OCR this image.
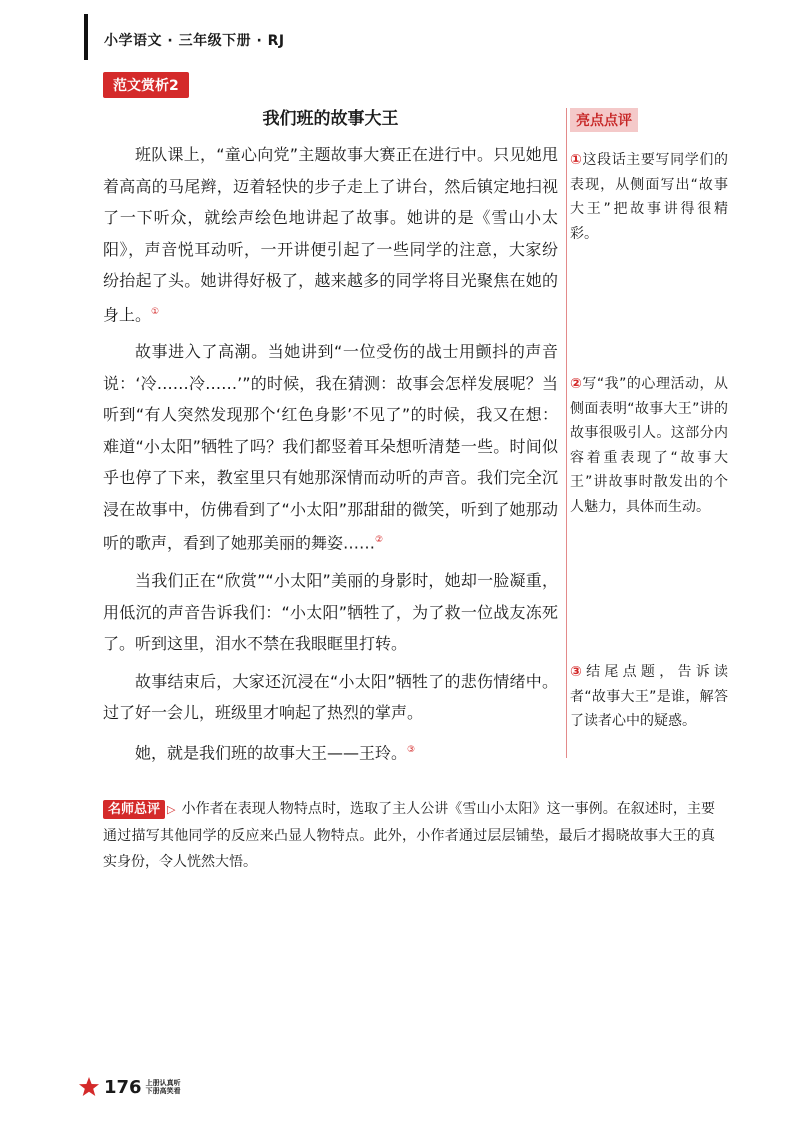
小学语文 · 三年级下册 · RJ
范文赏析2
我们班的故事大王

班队课上，“童心向党”主题故事大赛正在进行中。只见她甩着高高的马尾辫，迈着轻快的步子走上了讲台，然后镇定地扫视了一下听众，就绘声绘色地讲起了故事。她讲的是《雪山小太阳》，声音悦耳动听，一开讲便引起了一些同学的注意，大家纷纷抬起了头。她讲得好极了，越来越多的同学将目光聚焦在她的身上。①

故事进入了高潮。当她讲到“一位受伤的战士用颤抖的声音说：‘冷……冷……’”的时候，我在猜测：故事会怎样发展呢？当听到“有人突然发现那个‘红色身影’不见了”的时候，我又在想：难道“小太阳”牺牲了吗？我们都竖着耳朵想听清楚一些。时间似乎也停了下来，教室里只有她那深情而动听的声音。我们完全沉浸在故事中，仿佛看到了“小太阳”那甜甜的微笑，听到了她那动听的歌声，看到了她那美丽的舞姿……②

当我们正在“欣赏”“小太阳”美丽的身影时，她却一脸凝重，用低沉的声音告诉我们：“小太阳”牺牲了，为了救一位战友冻死了。听到这里，泪水不禁在我眼眶里打转。

故事结束后，大家还沉浸在“小太阳”牺牲了的悲伤情绪中。过了好一会儿，班级里才响起了热烈的掌声。

她，就是我们班的故事大王——王玲。③

亮点点评
①这段话主要写同学们的表现，从侧面写出“故事大王”把故事讲得很精彩。
②写“我”的心理活动，从侧面表明“故事大王”讲的故事很吸引人。这部分内容着重表现了“故事大王”讲故事时散发出的个人魅力，具体而生动。
③结尾点题，告诉读者“故事大王”是谁，解答了读者心中的疑惑。
名师总评 ▷ 小作者在表现人物特点时，选取了主人公讲《雪山小太阳》这一事例。在叙述时，主要通过描写其他同学的反应来凸显人物特点。此外，小作者通过层层铺垫，最后才揭晓故事大王的真实身份，令人恍然大悟。
176 上册认真听
下册高笑看
